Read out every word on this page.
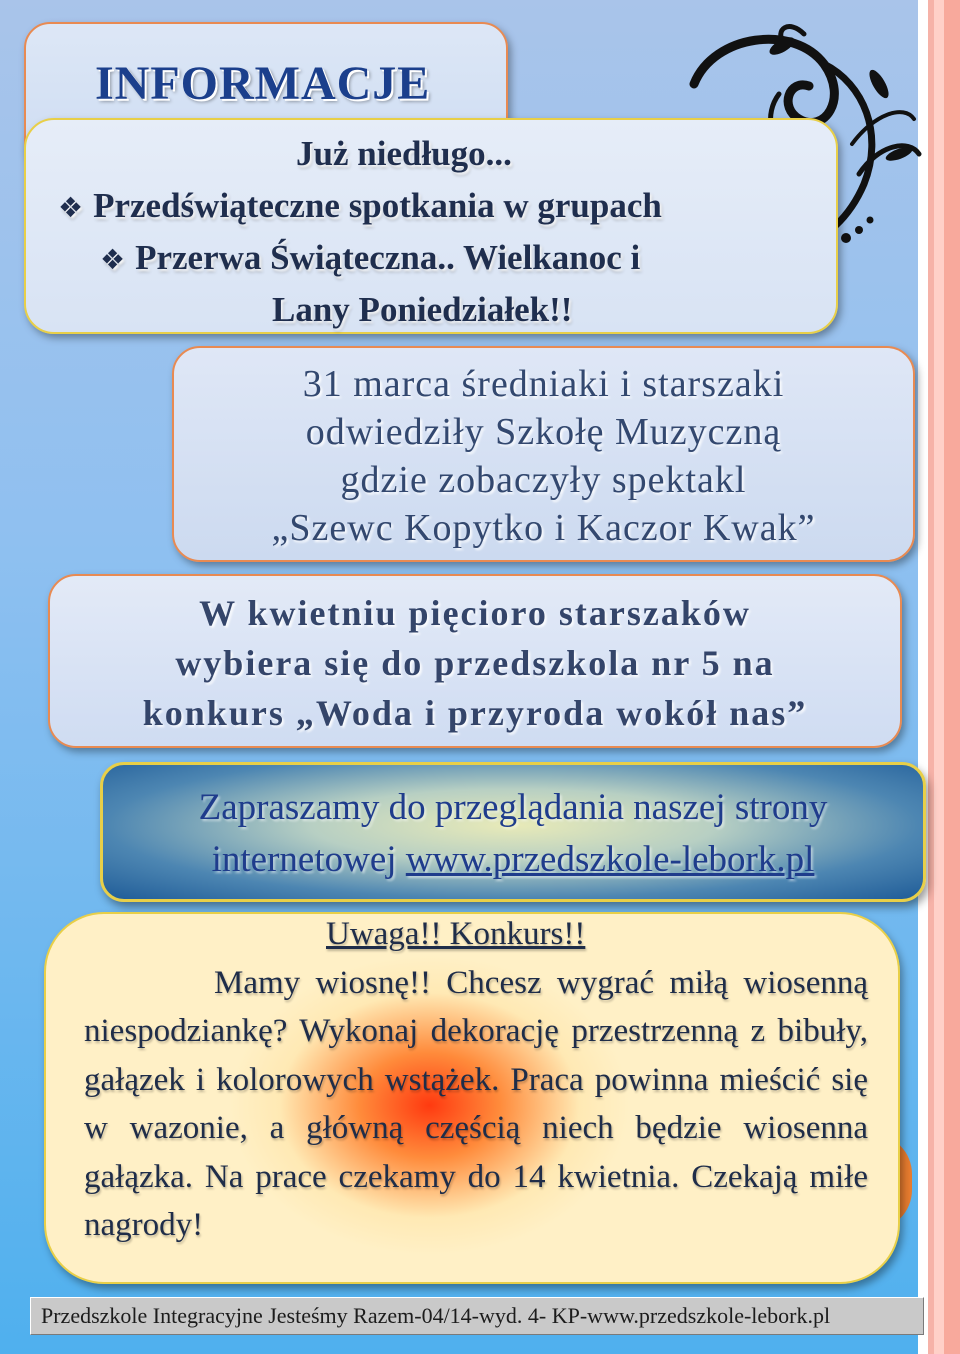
INFORMACJE
Już niedługo...
❖ Przedświąteczne spotkania w grupach
❖ Przerwa Świąteczna.. Wielkanoc i
Lany Poniedziałek!!
31 marca średniaki i starszaki
odwiedziły Szkołę Muzyczną
gdzie zobaczyły spektakl
„Szewc Kopytko i Kaczor Kwak”
W kwietniu pięcioro starszaków
wybiera się do przedszkola nr 5 na
konkurs „Woda i przyroda wokół nas”
Zapraszamy do przeglądania naszej strony
internetowej www.przedszkole-lebork.pl
Uwaga!! Konkurs!!
Mamy wiosnę!! Chcesz wygrać miłą wiosenną niespodziankę? Wykonaj dekorację przestrzenną z bibuły, gałązek i kolorowych wstążek. Praca powinna mieścić się w wazonie, a główną częścią niech będzie wiosenna gałązka. Na prace czekamy do 14 kwietnia. Czekają miłe nagrody!
Przedszkole Integracyjne Jesteśmy Razem-04/14-wyd. 4- KP-www.przedszkole-lebork.pl
